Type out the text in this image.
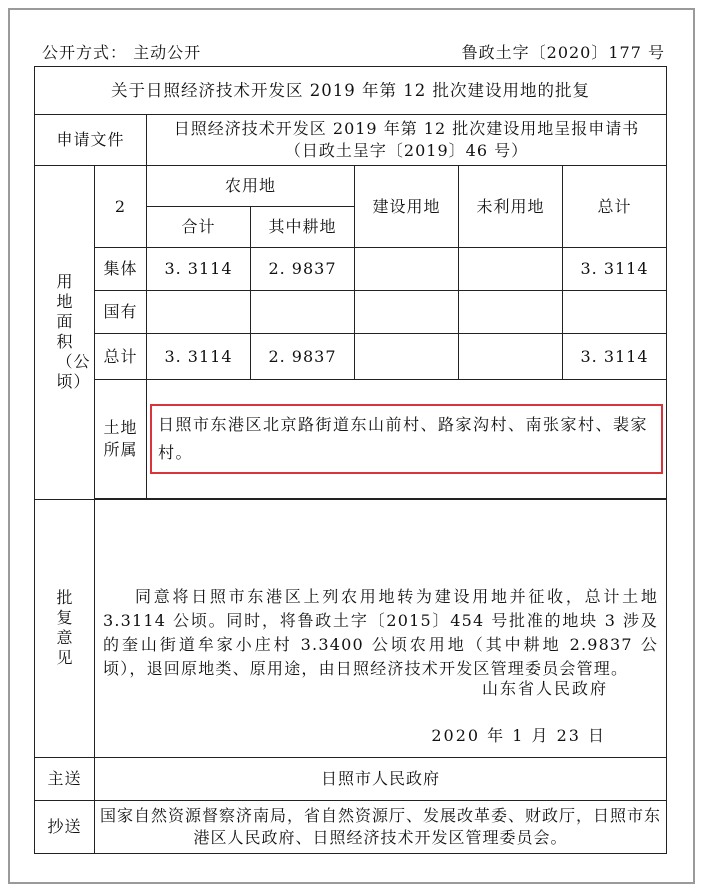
公开方式： 主动公开	鲁政土字〔2020〕177 号
关于日照经济技术开发区 2019 年第 12 批次建设用地的批复						
申请文件		日照经济技术开发区 2019 年第 12 批次建设用地呈报申请书
（日政土呈字〔2019〕46 号）				

用地面积（公顷）	2	农用地		建设用地	未利用地	总计
		合计	其中耕地			
	集体	3. 3114	2. 9837			3. 3114
	国有					
	总计	3. 3114	2. 9837			3. 3114

	土地
所属	日照市东港区北京路街道东山前村、路家沟村、南张家村、裴家村。				

批复意见	同意将日照市东港区上列农用地转为建设用地并征收，总计土地 3.3114 公顷。同时，将鲁政土字〔2015〕454 号批准的地块 3 涉及的奎山街道牟家小庄村 3.3400 公顷农用地（其中耕地 2.9837 公顷），退回原地类、原用途，由日照经济技术开发区管理委员会管理。
山东省人民政府
2020 年 1 月 23 日					

主送	日照市人民政府					
抄送	国家自然资源督察济南局，省自然资源厅、发展改革委、财政厅，日照市东港区人民政府、日照经济技术开发区管理委员会。					
